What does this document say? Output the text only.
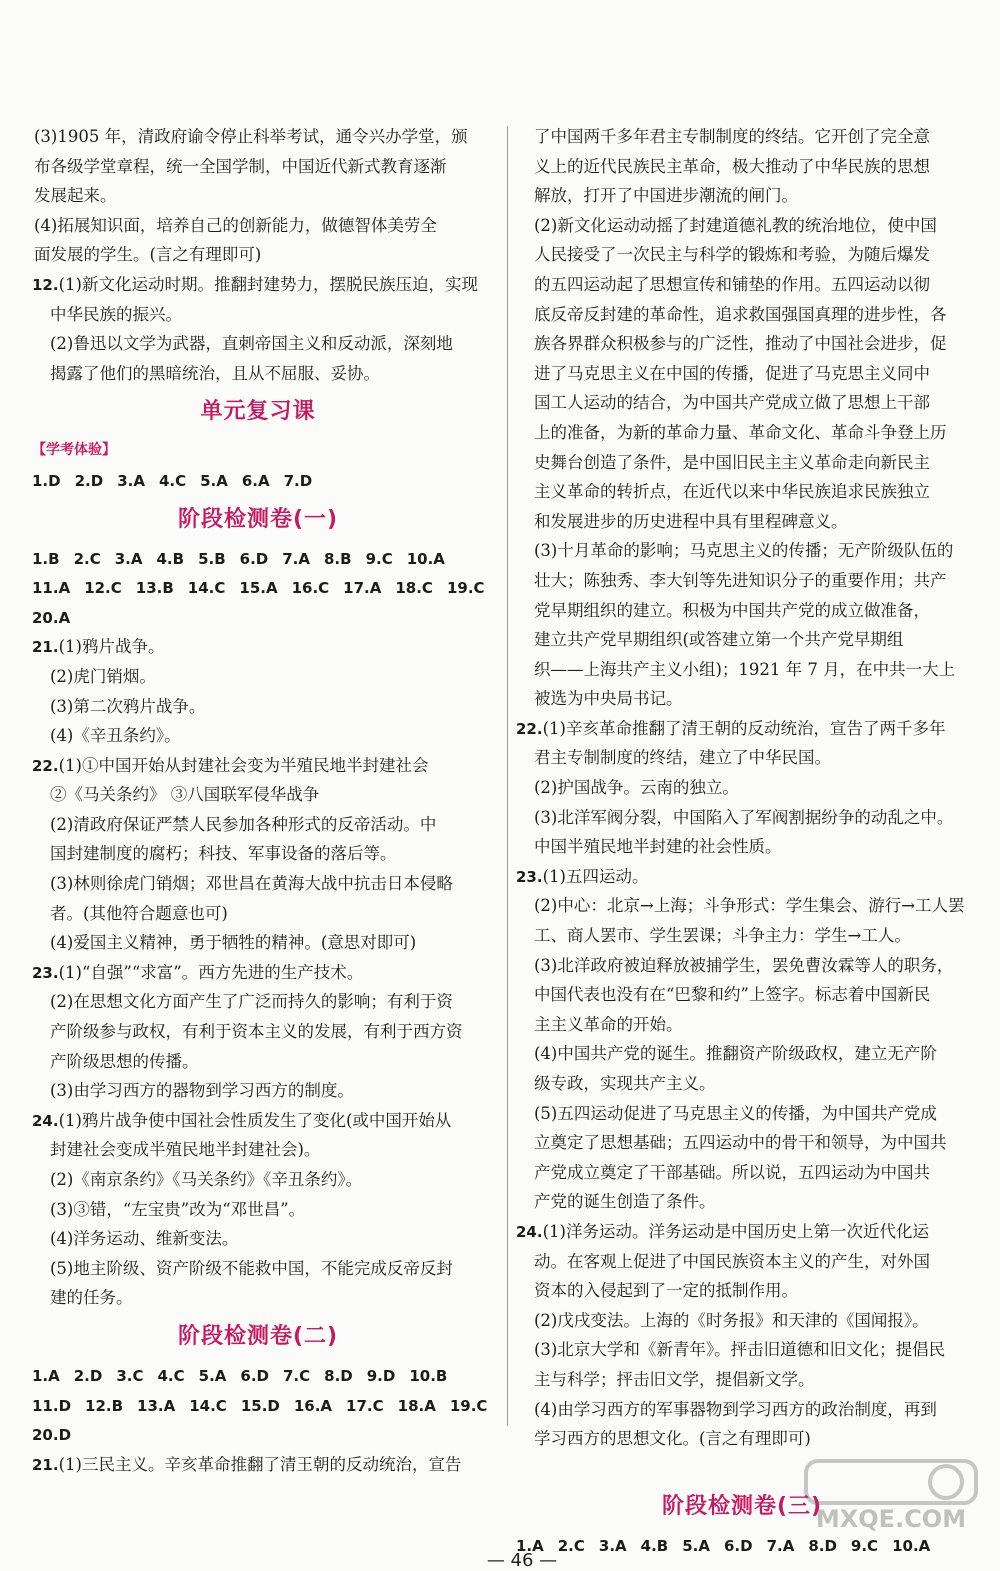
(3)1905 年，清政府谕令停止科举考试，通令兴办学堂，颁
布各级学堂章程，统一全国学制，中国近代新式教育逐渐
发展起来。
(4)拓展知识面，培养自己的创新能力，做德智体美劳全
面发展的学生。(言之有理即可)
12.(1)新文化运动时期。推翻封建势力，摆脱民族压迫，实现
中华民族的振兴。
(2)鲁迅以文学为武器，直刺帝国主义和反动派，深刻地
揭露了他们的黑暗统治，且从不屈服、妥协。
单元复习课
【学考体验】
1.D 2.D 3.A 4.C 5.A 6.A 7.D
阶段检测卷(一)
1.B 2.C 3.A 4.B 5.B 6.D 7.A 8.B 9.C 10.A
11.A 12.C 13.B 14.C 15.A 16.C 17.A 18.C 19.C
20.A
21.(1)鸦片战争。
(2)虎门销烟。
(3)第二次鸦片战争。
(4)《辛丑条约》。
22.(1)①中国开始从封建社会变为半殖民地半封建社会
②《马关条约》 ③八国联军侵华战争
(2)清政府保证严禁人民参加各种形式的反帝活动。中
国封建制度的腐朽；科技、军事设备的落后等。
(3)林则徐虎门销烟；邓世昌在黄海大战中抗击日本侵略
者。(其他符合题意也可)
(4)爱国主义精神，勇于牺牲的精神。(意思对即可)
23.(1)“自强”“求富”。西方先进的生产技术。
(2)在思想文化方面产生了广泛而持久的影响；有利于资
产阶级参与政权，有利于资本主义的发展，有利于西方资
产阶级思想的传播。
(3)由学习西方的器物到学习西方的制度。
24.(1)鸦片战争使中国社会性质发生了变化(或中国开始从
封建社会变成半殖民地半封建社会)。
(2)《南京条约》《马关条约》《辛丑条约》。
(3)③错，“左宝贵”改为“邓世昌”。
(4)洋务运动、维新变法。
(5)地主阶级、资产阶级不能救中国，不能完成反帝反封
建的任务。
阶段检测卷(二)
1.A 2.D 3.C 4.C 5.A 6.D 7.C 8.D 9.D 10.B
11.D 12.B 13.A 14.C 15.D 16.A 17.C 18.A 19.C
20.D
21.(1)三民主义。辛亥革命推翻了清王朝的反动统治，宣告
了中国两千多年君主专制制度的终结。它开创了完全意
义上的近代民族民主革命，极大推动了中华民族的思想
解放，打开了中国进步潮流的闸门。
(2)新文化运动动摇了封建道德礼教的统治地位，使中国
人民接受了一次民主与科学的锻炼和考验，为随后爆发
的五四运动起了思想宣传和铺垫的作用。五四运动以彻
底反帝反封建的革命性，追求救国强国真理的进步性，各
族各界群众积极参与的广泛性，推动了中国社会进步，促
进了马克思主义在中国的传播，促进了马克思主义同中
国工人运动的结合，为中国共产党成立做了思想上干部
上的准备，为新的革命力量、革命文化、革命斗争登上历
史舞台创造了条件，是中国旧民主主义革命走向新民主
主义革命的转折点，在近代以来中华民族追求民族独立
和发展进步的历史进程中具有里程碑意义。
(3)十月革命的影响；马克思主义的传播；无产阶级队伍的
壮大；陈独秀、李大钊等先进知识分子的重要作用；共产
党早期组织的建立。积极为中国共产党的成立做准备，
建立共产党早期组织(或答建立第一个共产党早期组
织——上海共产主义小组)；1921 年 7 月，在中共一大上
被选为中央局书记。
22.(1)辛亥革命推翻了清王朝的反动统治，宣告了两千多年
君主专制制度的终结，建立了中华民国。
(2)护国战争。云南的独立。
(3)北洋军阀分裂，中国陷入了军阀割据纷争的动乱之中。
中国半殖民地半封建的社会性质。
23.(1)五四运动。
(2)中心：北京→上海；斗争形式：学生集会、游行→工人罢
工、商人罢市、学生罢课；斗争主力：学生→工人。
(3)北洋政府被迫释放被捕学生，罢免曹汝霖等人的职务，
中国代表也没有在“巴黎和约”上签字。标志着中国新民
主主义革命的开始。
(4)中国共产党的诞生。推翻资产阶级政权，建立无产阶
级专政，实现共产主义。
(5)五四运动促进了马克思主义的传播，为中国共产党成
立奠定了思想基础；五四运动中的骨干和领导，为中国共
产党成立奠定了干部基础。所以说，五四运动为中国共
产党的诞生创造了条件。
24.(1)洋务运动。洋务运动是中国历史上第一次近代化运
动。在客观上促进了中国民族资本主义的产生，对外国
资本的入侵起到了一定的抵制作用。
(2)戊戌变法。上海的《时务报》和天津的《国闻报》。
(3)北京大学和《新青年》。抨击旧道德和旧文化；提倡民
主与科学；抨击旧文学，提倡新文学。
(4)由学习西方的军事器物到学习西方的政治制度，再到
学习西方的思想文化。(言之有理即可)
阶段检测卷(三)
1.A 2.C 3.A 4.B 5.A 6.D 7.A 8.D 9.C 10.A
— 46 —
MXQE.COM
